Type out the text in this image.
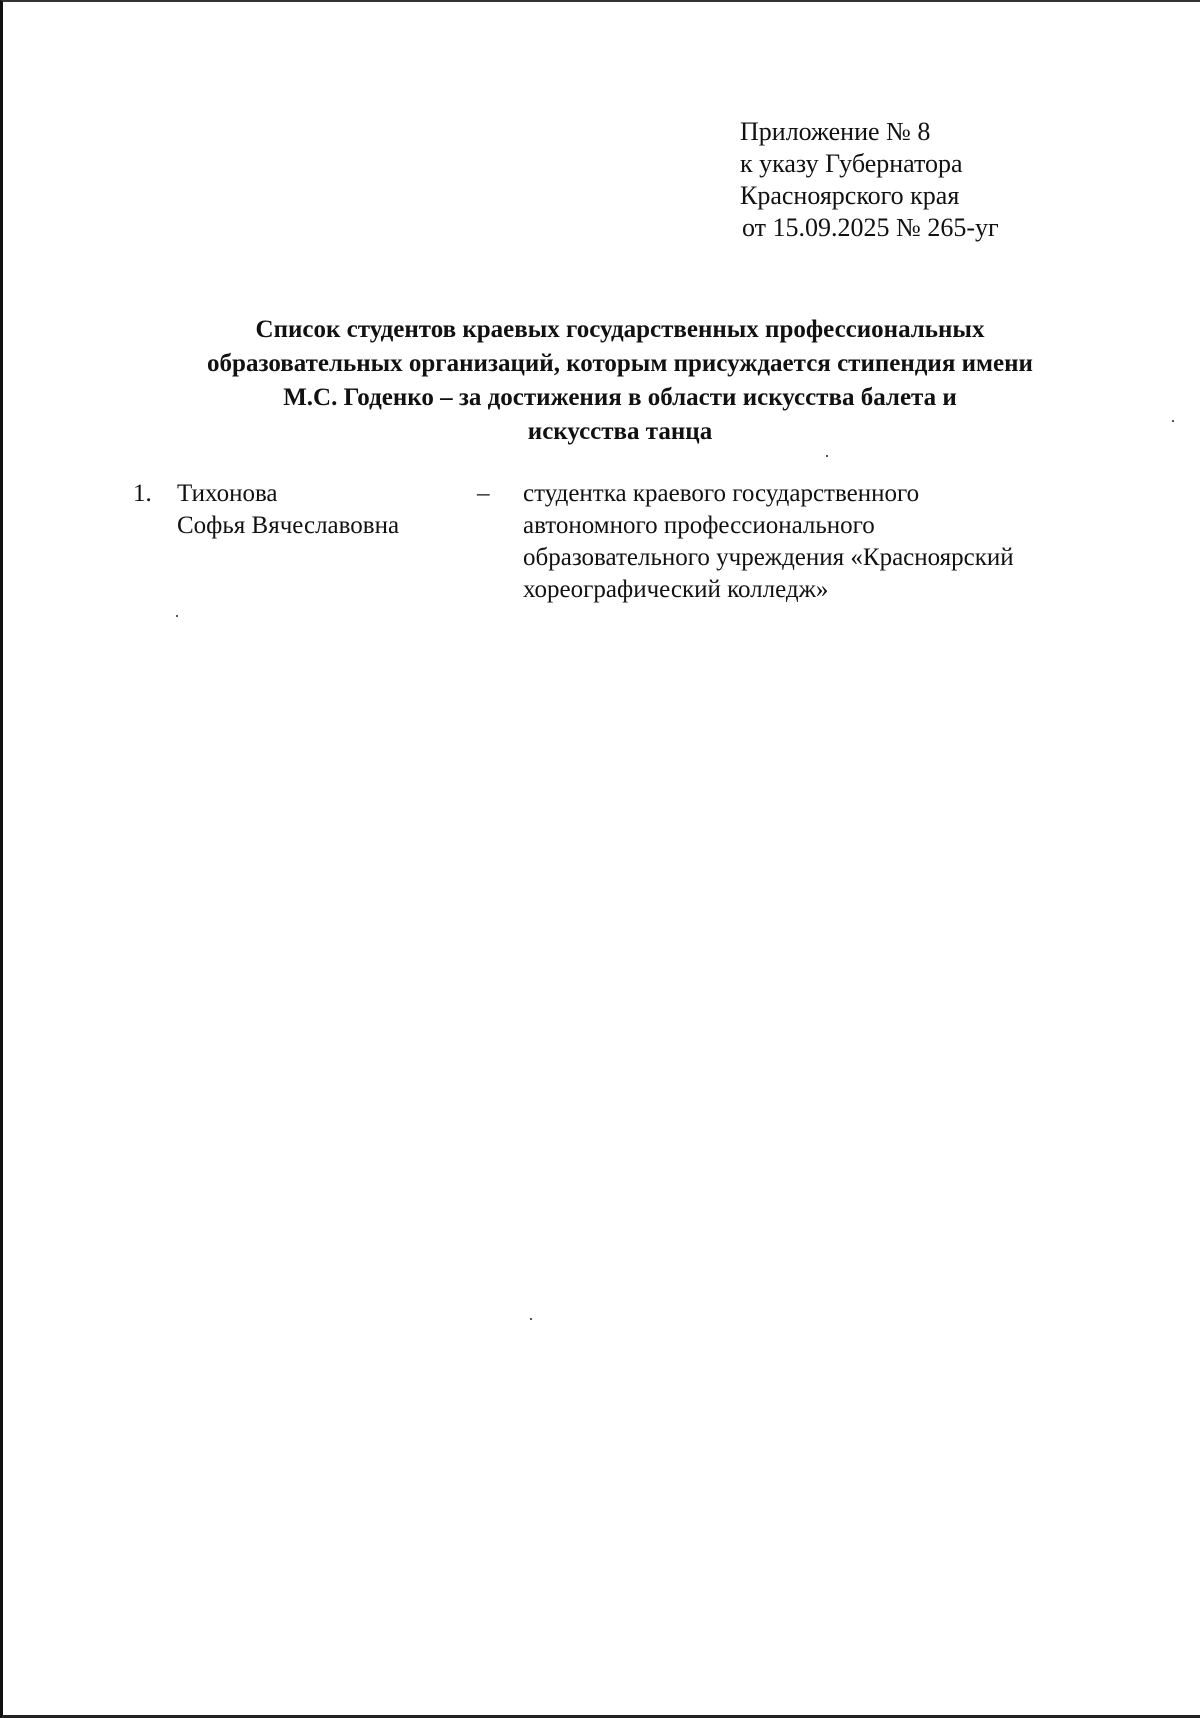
Приложение № 8
к указу Губернатора
Красноярского края
от 15.09.2025 № 265-уг
Список студентов краевых государственных профессиональных
образовательных организаций, которым присуждается стипендия имени
М.С. Годенко – за достижения в области искусства балета и
искусства танца
1. Тихонова
Софья Вячеславовна
– студентка краевого государственного
автономного профессионального
образовательного учреждения «Красноярский
хореографический колледж»
